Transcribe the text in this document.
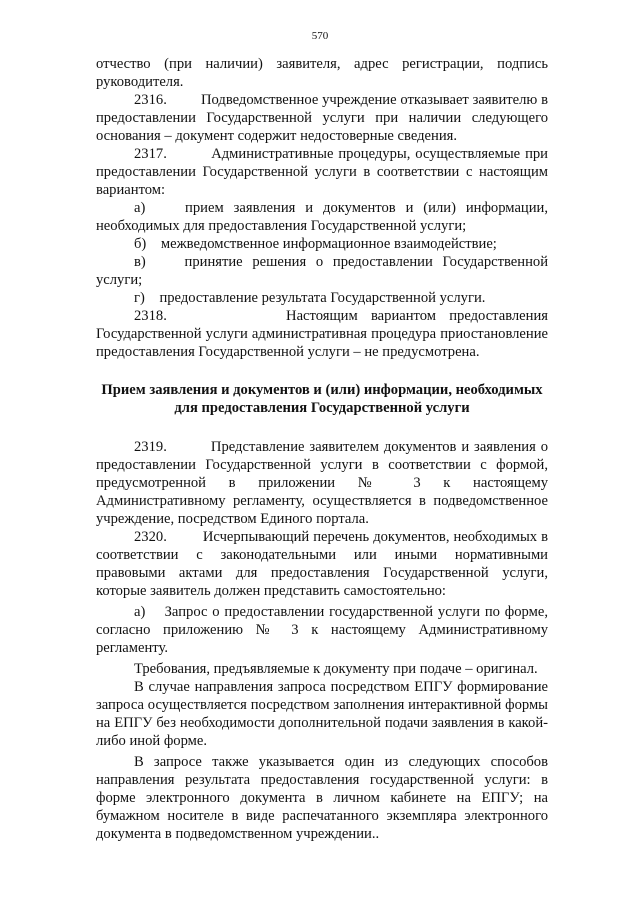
570

отчество (при наличии) заявителя, адрес регистрации, подпись руководителя.

2316.         Подведомственное учреждение отказывает заявителю в предоставлении Государственной услуги при наличии следующего основания – документ содержит недостоверные сведения.

2317.         Административные процедуры, осуществляемые при предоставлении Государственной услуги в соответствии с настоящим вариантом:

а)    прием заявления и документов и (или) информации, необходимых для предоставления Государственной услуги;

б)    межведомственное информационное взаимодействие;

в)    принятие решения о предоставлении Государственной услуги;

г)    предоставление результата Государственной услуги.

2318.         Настоящим вариантом предоставления Государственной услуги административная процедура приостановление предоставления Государственной услуги – не предусмотрена.

Прием заявления и документов и (или) информации, необходимых для предоставления Государственной услуги

2319.         Представление заявителем документов и заявления о предоставлении Государственной услуги в соответствии с формой, предусмотренной в приложении № 3 к настоящему Административному регламенту, осуществляется в подведомственное учреждение, посредством Единого портала.

2320.         Исчерпывающий перечень документов, необходимых в соответствии с законодательными или иными нормативными правовыми актами для предоставления Государственной услуги, которые заявитель должен представить самостоятельно:

а)    Запрос о предоставлении государственной услуги по форме, согласно приложению № 3 к настоящему Административному регламенту.

Требования, предъявляемые к документу при подаче – оригинал.

В случае направления запроса посредством ЕПГУ формирование запроса осуществляется посредством заполнения интерактивной формы на ЕПГУ без необходимости дополнительной подачи заявления в какой-либо иной форме.

В запросе также указывается один из следующих способов направления результата предоставления государственной услуги: в форме электронного документа в личном кабинете на ЕПГУ; на бумажном носителе в виде распечатанного экземпляра электронного документа в подведомственном учреждении..
